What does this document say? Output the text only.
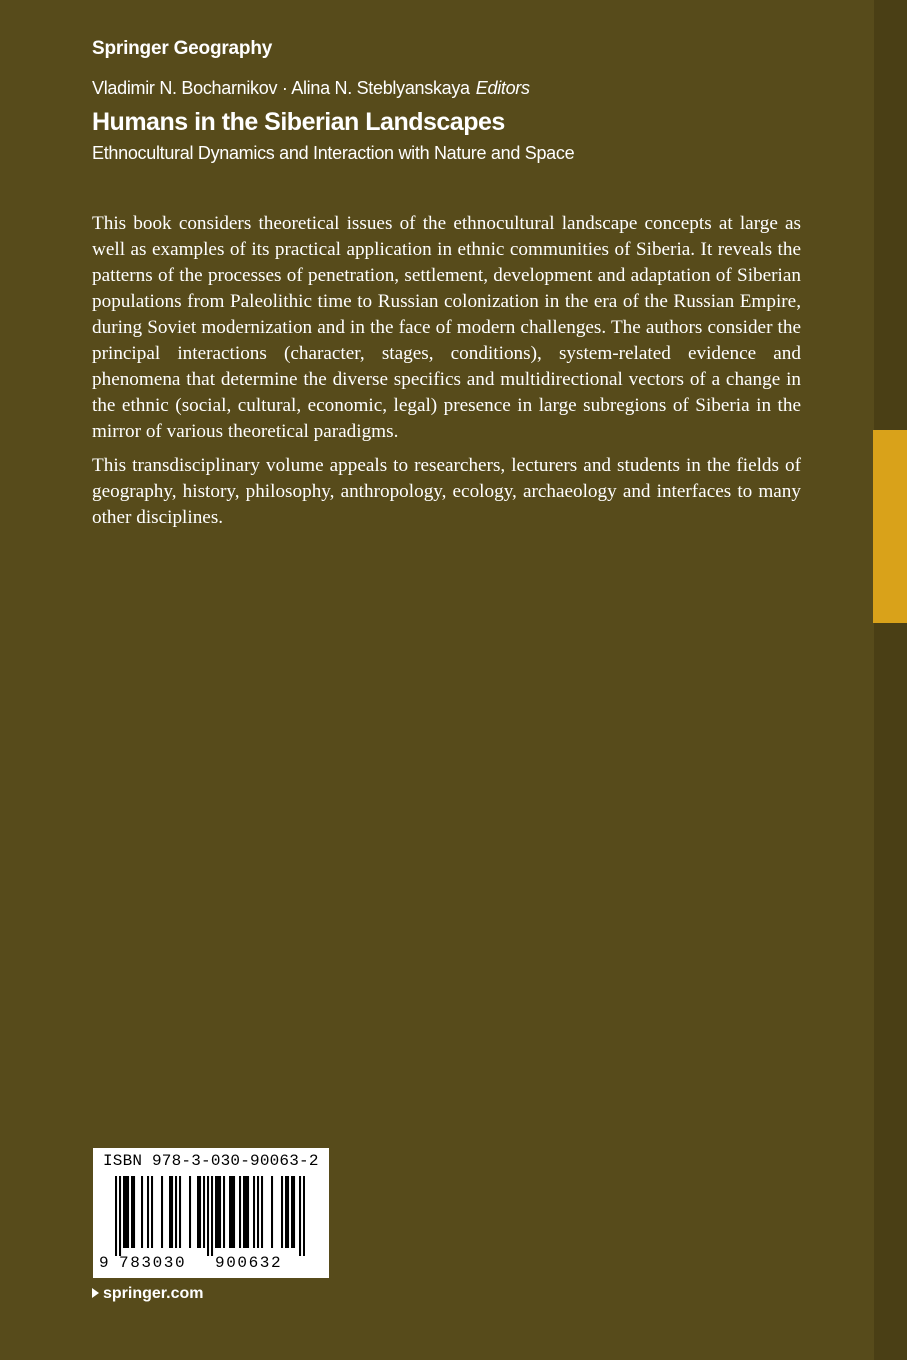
Springer Geography
Vladimir N. Bocharnikov · Alina N. Steblyanskaya Editors
Humans in the Siberian Landscapes
Ethnocultural Dynamics and Interaction with Nature and Space

This book considers theoretical issues of the ethnocultural landscape concepts at large as well as examples of its practical application in ethnic communities of Siberia. It reveals the patterns of the processes of penetration, settlement, development and adaptation of Siberian populations from Paleolithic time to Russian colonization in the era of the Russian Empire, during Soviet modernization and in the face of modern challenges. The authors consider the principal interactions (character, stages, conditions), system-related evidence and phenomena that determine the diverse specifics and multidirectional vectors of a change in the ethnic (social, cultural, economic, legal) presence in large subregions of Siberia in the mirror of various theoretical paradigms.

This transdisciplinary volume appeals to researchers, lecturers and students in the fields of geography, history, philosophy, anthropology, ecology, archaeology and interfaces to many other disciplines.

ISBN 978-3-030-90063-2
9 783030 900632
springer.com
